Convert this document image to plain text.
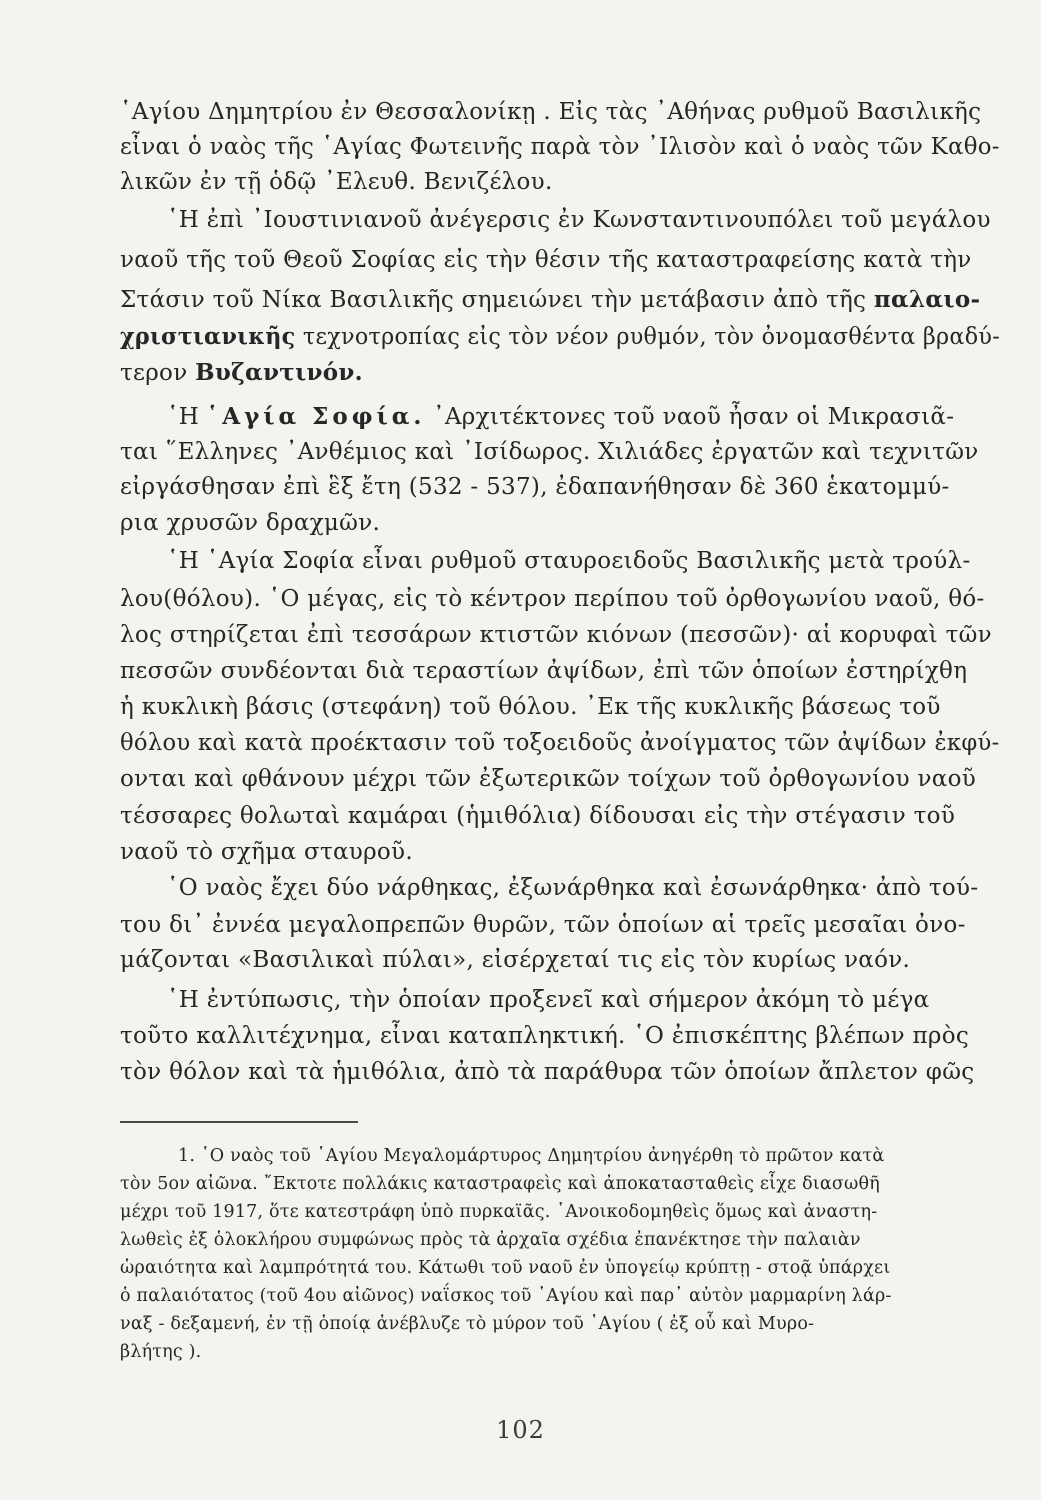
῾Αγίου Δημητρίου ἐν Θεσσαλονίκῃ . Εἰς τὰς ᾿Αθήνας ρυθμοῦ Βασιλικῆς
εἶναι ὁ ναὸς τῆς ῾Αγίας Φωτεινῆς παρὰ τὸν ᾿Ιλισὸν καὶ ὁ ναὸς τῶν Καθο-
λικῶν ἐν τῇ ὁδῷ ᾿Ελευθ. Βενιζέλου.
῾Η ἐπὶ ᾿Ιουστινιανοῦ ἀνέγερσις ἐν Κωνσταντινουπόλει τοῦ μεγάλου
ναοῦ τῆς τοῦ Θεοῦ Σοφίας εἰς τὴν θέσιν τῆς καταστραφείσης κατὰ τὴν
Στάσιν τοῦ Νίκα Βασιλικῆς σημειώνει τὴν μετάβασιν ἀπὸ τῆς παλαιο-
χριστιανικῆς τεχνοτροπίας εἰς τὸν νέον ρυθμόν, τὸν ὀνομασθέντα βραδύ-
τερον Βυζαντινόν.
῾Η ῾Αγία Σοφία. ᾿Αρχιτέκτονες τοῦ ναοῦ ἦσαν οἱ Μικρασιᾶ-
ται ῞Ελληνες ᾿Ανθέμιος καὶ ᾿Ισίδωρος. Χιλιάδες ἐργατῶν καὶ τεχνιτῶν
εἰργάσθησαν ἐπὶ ἓξ ἔτη (532 - 537), ἐδαπανήθησαν δὲ 360 ἑκατομμύ-
ρια χρυσῶν δραχμῶν.
῾Η ῾Αγία Σοφία εἶναι ρυθμοῦ σταυροειδοῦς Βασιλικῆς μετὰ τρούλ-
λου(θόλου). ῾Ο μέγας, εἰς τὸ κέντρον περίπου τοῦ ὀρθογωνίου ναοῦ, θό-
λος στηρίζεται ἐπὶ τεσσάρων κτιστῶν κιόνων (πεσσῶν)· αἱ κορυφαὶ τῶν
πεσσῶν συνδέονται διὰ τεραστίων ἀψίδων, ἐπὶ τῶν ὁποίων ἐστηρίχθη
ἡ κυκλικὴ βάσις (στεφάνη) τοῦ θόλου. ᾿Εκ τῆς κυκλικῆς βάσεως τοῦ
θόλου καὶ κατὰ προέκτασιν τοῦ τοξοειδοῦς ἀνοίγματος τῶν ἀψίδων ἐκφύ-
ονται καὶ φθάνουν μέχρι τῶν ἐξωτερικῶν τοίχων τοῦ ὀρθογωνίου ναοῦ
τέσσαρες θολωταὶ καμάραι (ἡμιθόλια) δίδουσαι εἰς τὴν στέγασιν τοῦ
ναοῦ τὸ σχῆμα σταυροῦ.
῾Ο ναὸς ἔχει δύο νάρθηκας, ἐξωνάρθηκα καὶ ἐσωνάρθηκα· ἀπὸ τού-
του δι᾿ ἐννέα μεγαλοπρεπῶν θυρῶν, τῶν ὁποίων αἱ τρεῖς μεσαῖαι ὀνο-
μάζονται «Βασιλικαὶ πύλαι», εἰσέρχεταί τις εἰς τὸν κυρίως ναόν.
῾Η ἐντύπωσις, τὴν ὁποίαν προξενεῖ καὶ σήμερον ἀκόμη τὸ μέγα
τοῦτο καλλιτέχνημα, εἶναι καταπληκτική. ῾Ο ἐπισκέπτης βλέπων πρὸς
τὸν θόλον καὶ τὰ ἡμιθόλια, ἀπὸ τὰ παράθυρα τῶν ὁποίων ἄπλετον φῶς
1. ῾Ο ναὸς τοῦ ῾Αγίου Μεγαλομάρτυρος Δημητρίου ἀνηγέρθη τὸ πρῶτον κατὰ
τὸν 5ον αἰῶνα. ῎Εκτοτε πολλάκις καταστραφεὶς καὶ ἀποκατασταθεὶς εἶχε διασωθῆ
μέχρι τοῦ 1917, ὅτε κατεστράφη ὑπὸ πυρκαϊᾶς. ᾿Ανοικοδομηθεὶς ὅμως καὶ ἀναστη-
λωθεὶς ἐξ ὁλοκλήρου συμφώνως πρὸς τὰ ἀρχαῖα σχέδια ἐπανέκτησε τὴν παλαιὰν
ὡραιότητα καὶ λαμπρότητά του. Κάτωθι τοῦ ναοῦ ἐν ὑπογείῳ κρύπτῃ - στοᾷ ὑπάρχει
ὁ παλαιότατος (τοῦ 4ου αἰῶνος) ναΐσκος τοῦ ῾Αγίου καὶ παρ᾿ αὐτὸν μαρμαρίνη λάρ-
ναξ - δεξαμενή, ἐν τῇ ὁποίᾳ ἀνέβλυζε τὸ μύρον τοῦ ῾Αγίου ( ἐξ οὗ καὶ Μυρο-
βλήτης ).
102
